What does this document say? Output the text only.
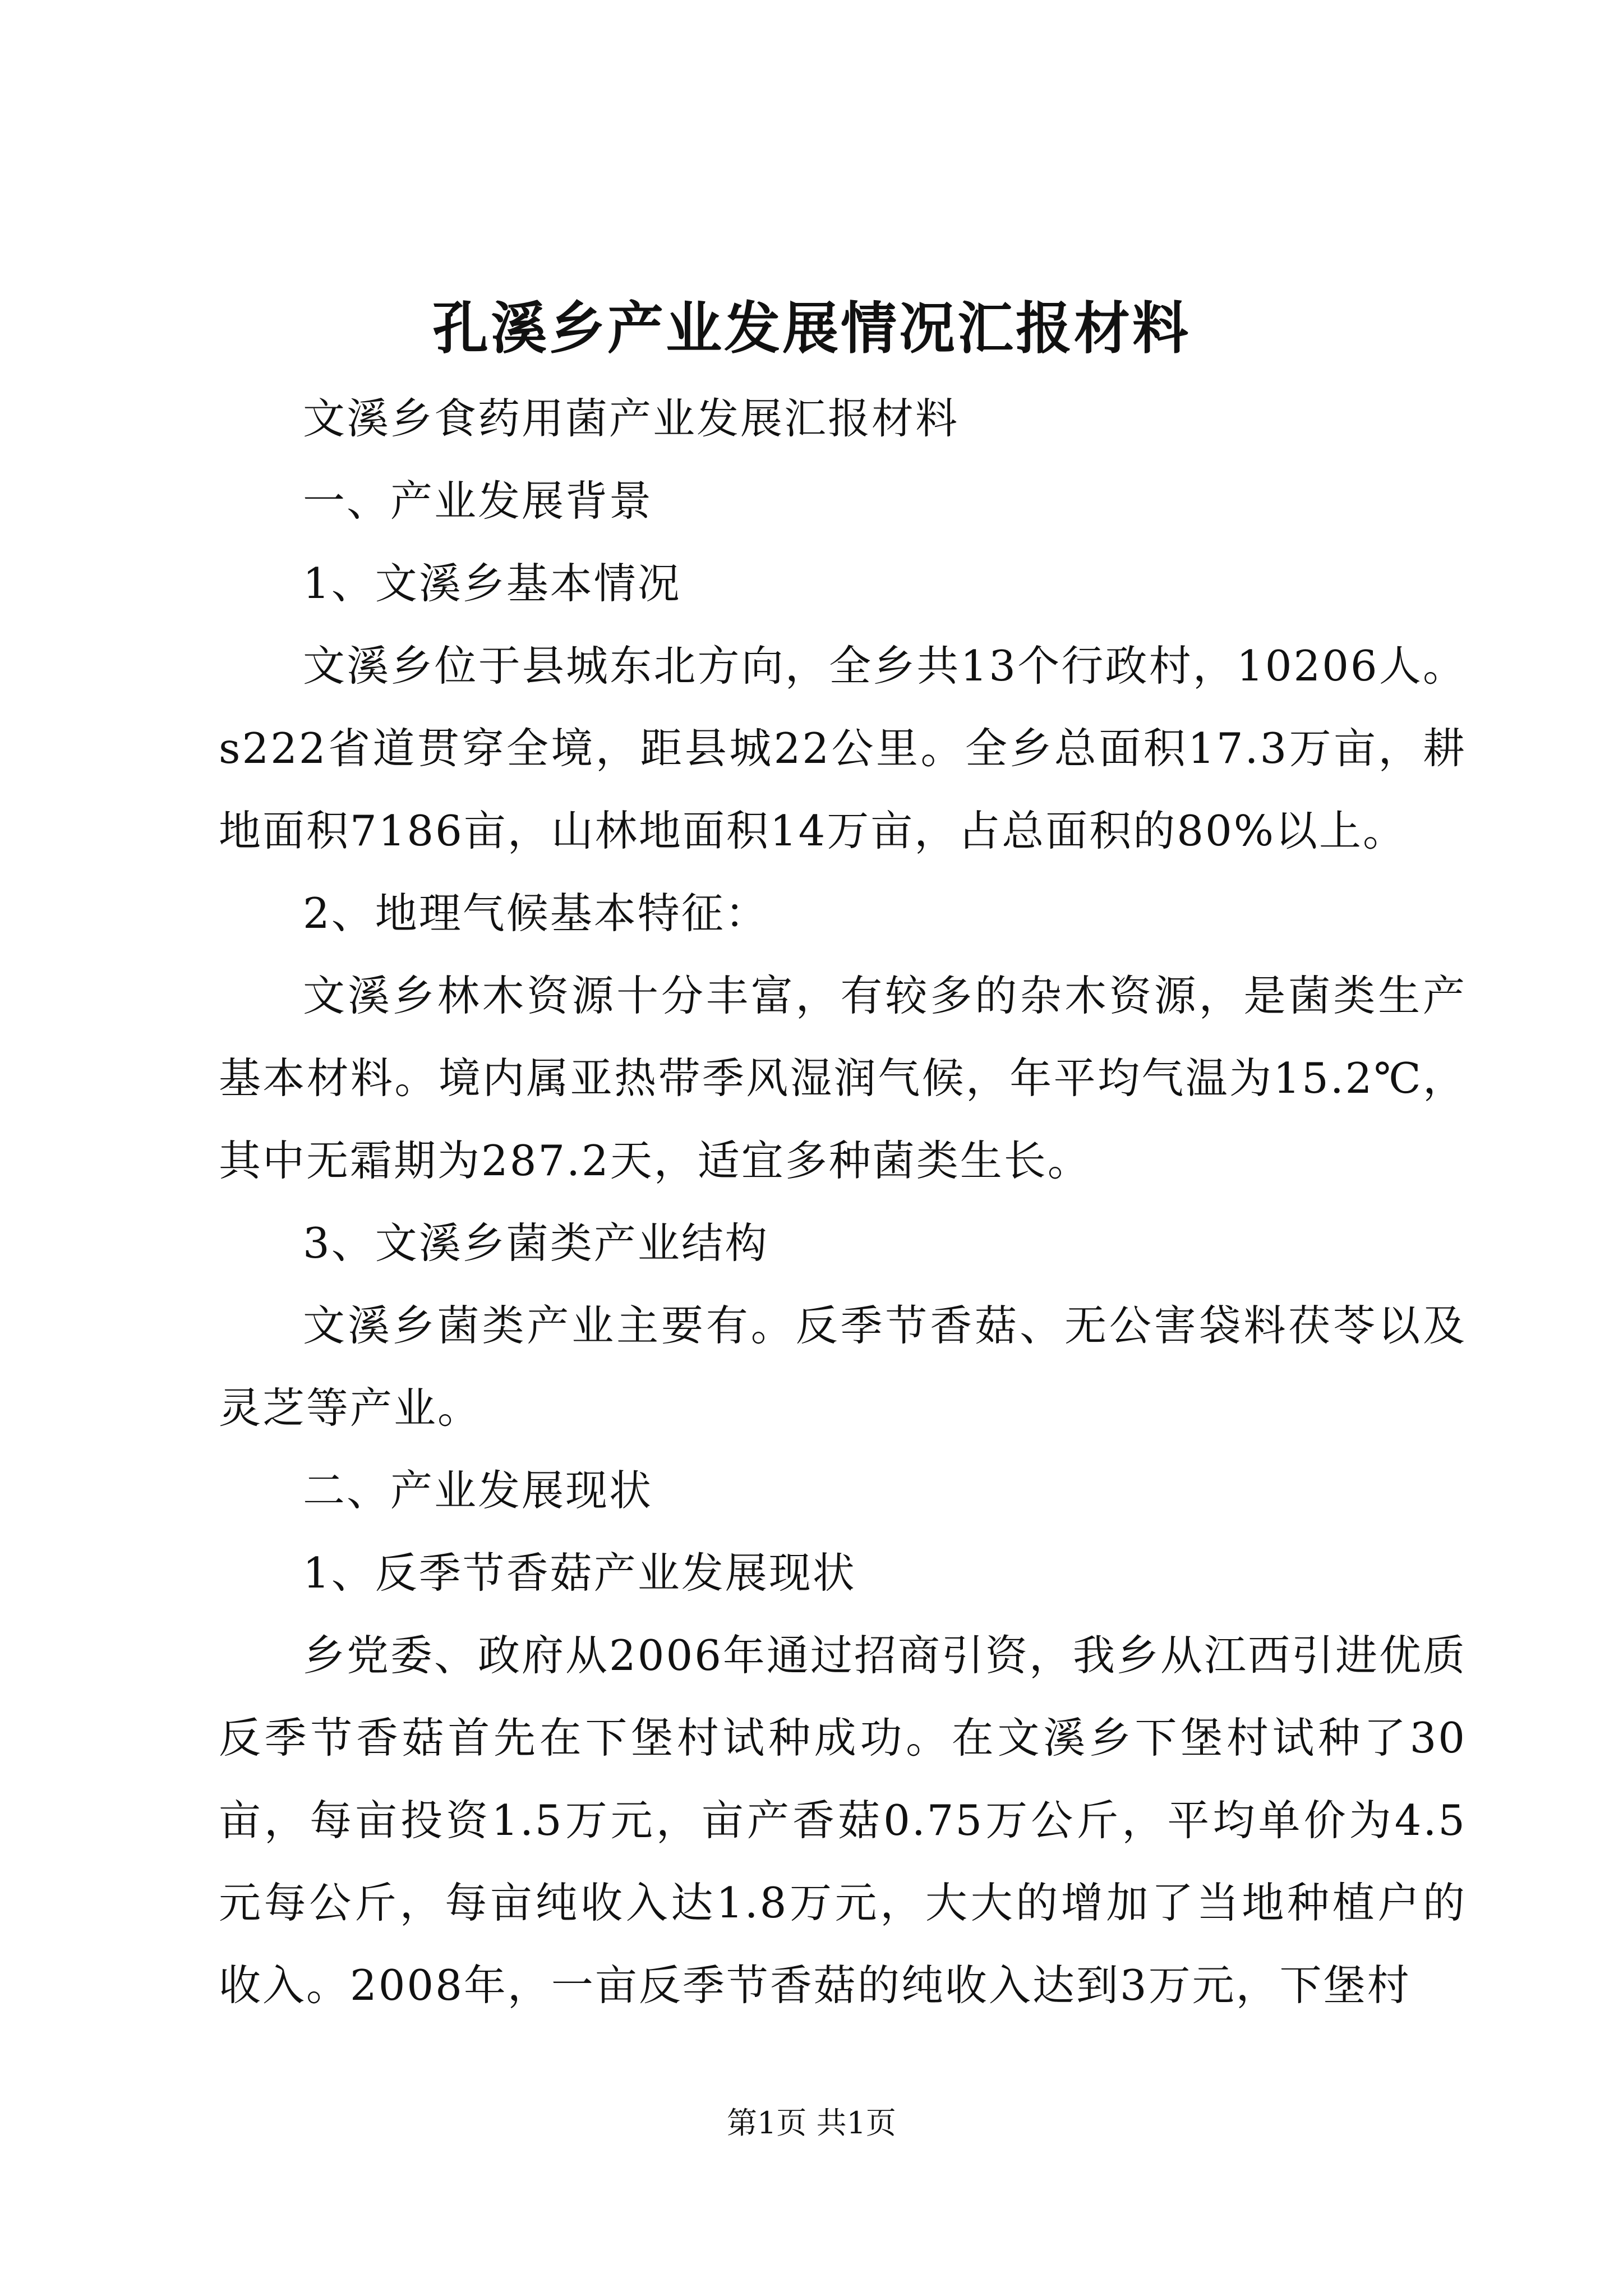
孔溪乡产业发展情况汇报材料

文溪乡食药用菌产业发展汇报材料

一、产业发展背景

1、文溪乡基本情况

文溪乡位于县城东北方向，全乡共13个行政村，10206人。s222省道贯穿全境，距县城22公里。全乡总面积17.3万亩，耕地面积7186亩，山林地面积14万亩，占总面积的80%以上。

2、地理气候基本特征：

文溪乡林木资源十分丰富，有较多的杂木资源，是菌类生产基本材料。境内属亚热带季风湿润气候，年平均气温为15.2℃，其中无霜期为287.2天，适宜多种菌类生长。

3、文溪乡菌类产业结构

文溪乡菌类产业主要有。反季节香菇、无公害袋料茯苓以及灵芝等产业。

二、产业发展现状

1、反季节香菇产业发展现状

乡党委、政府从2006年通过招商引资，我乡从江西引进优质反季节香菇首先在下堡村试种成功。在文溪乡下堡村试种了30亩，每亩投资1.5万元，亩产香菇0.75万公斤，平均单价为4.5元每公斤，每亩纯收入达1.8万元，大大的增加了当地种植户的收入。2008年，一亩反季节香菇的纯收入达到3万元，下堡村

第1页 共1页
